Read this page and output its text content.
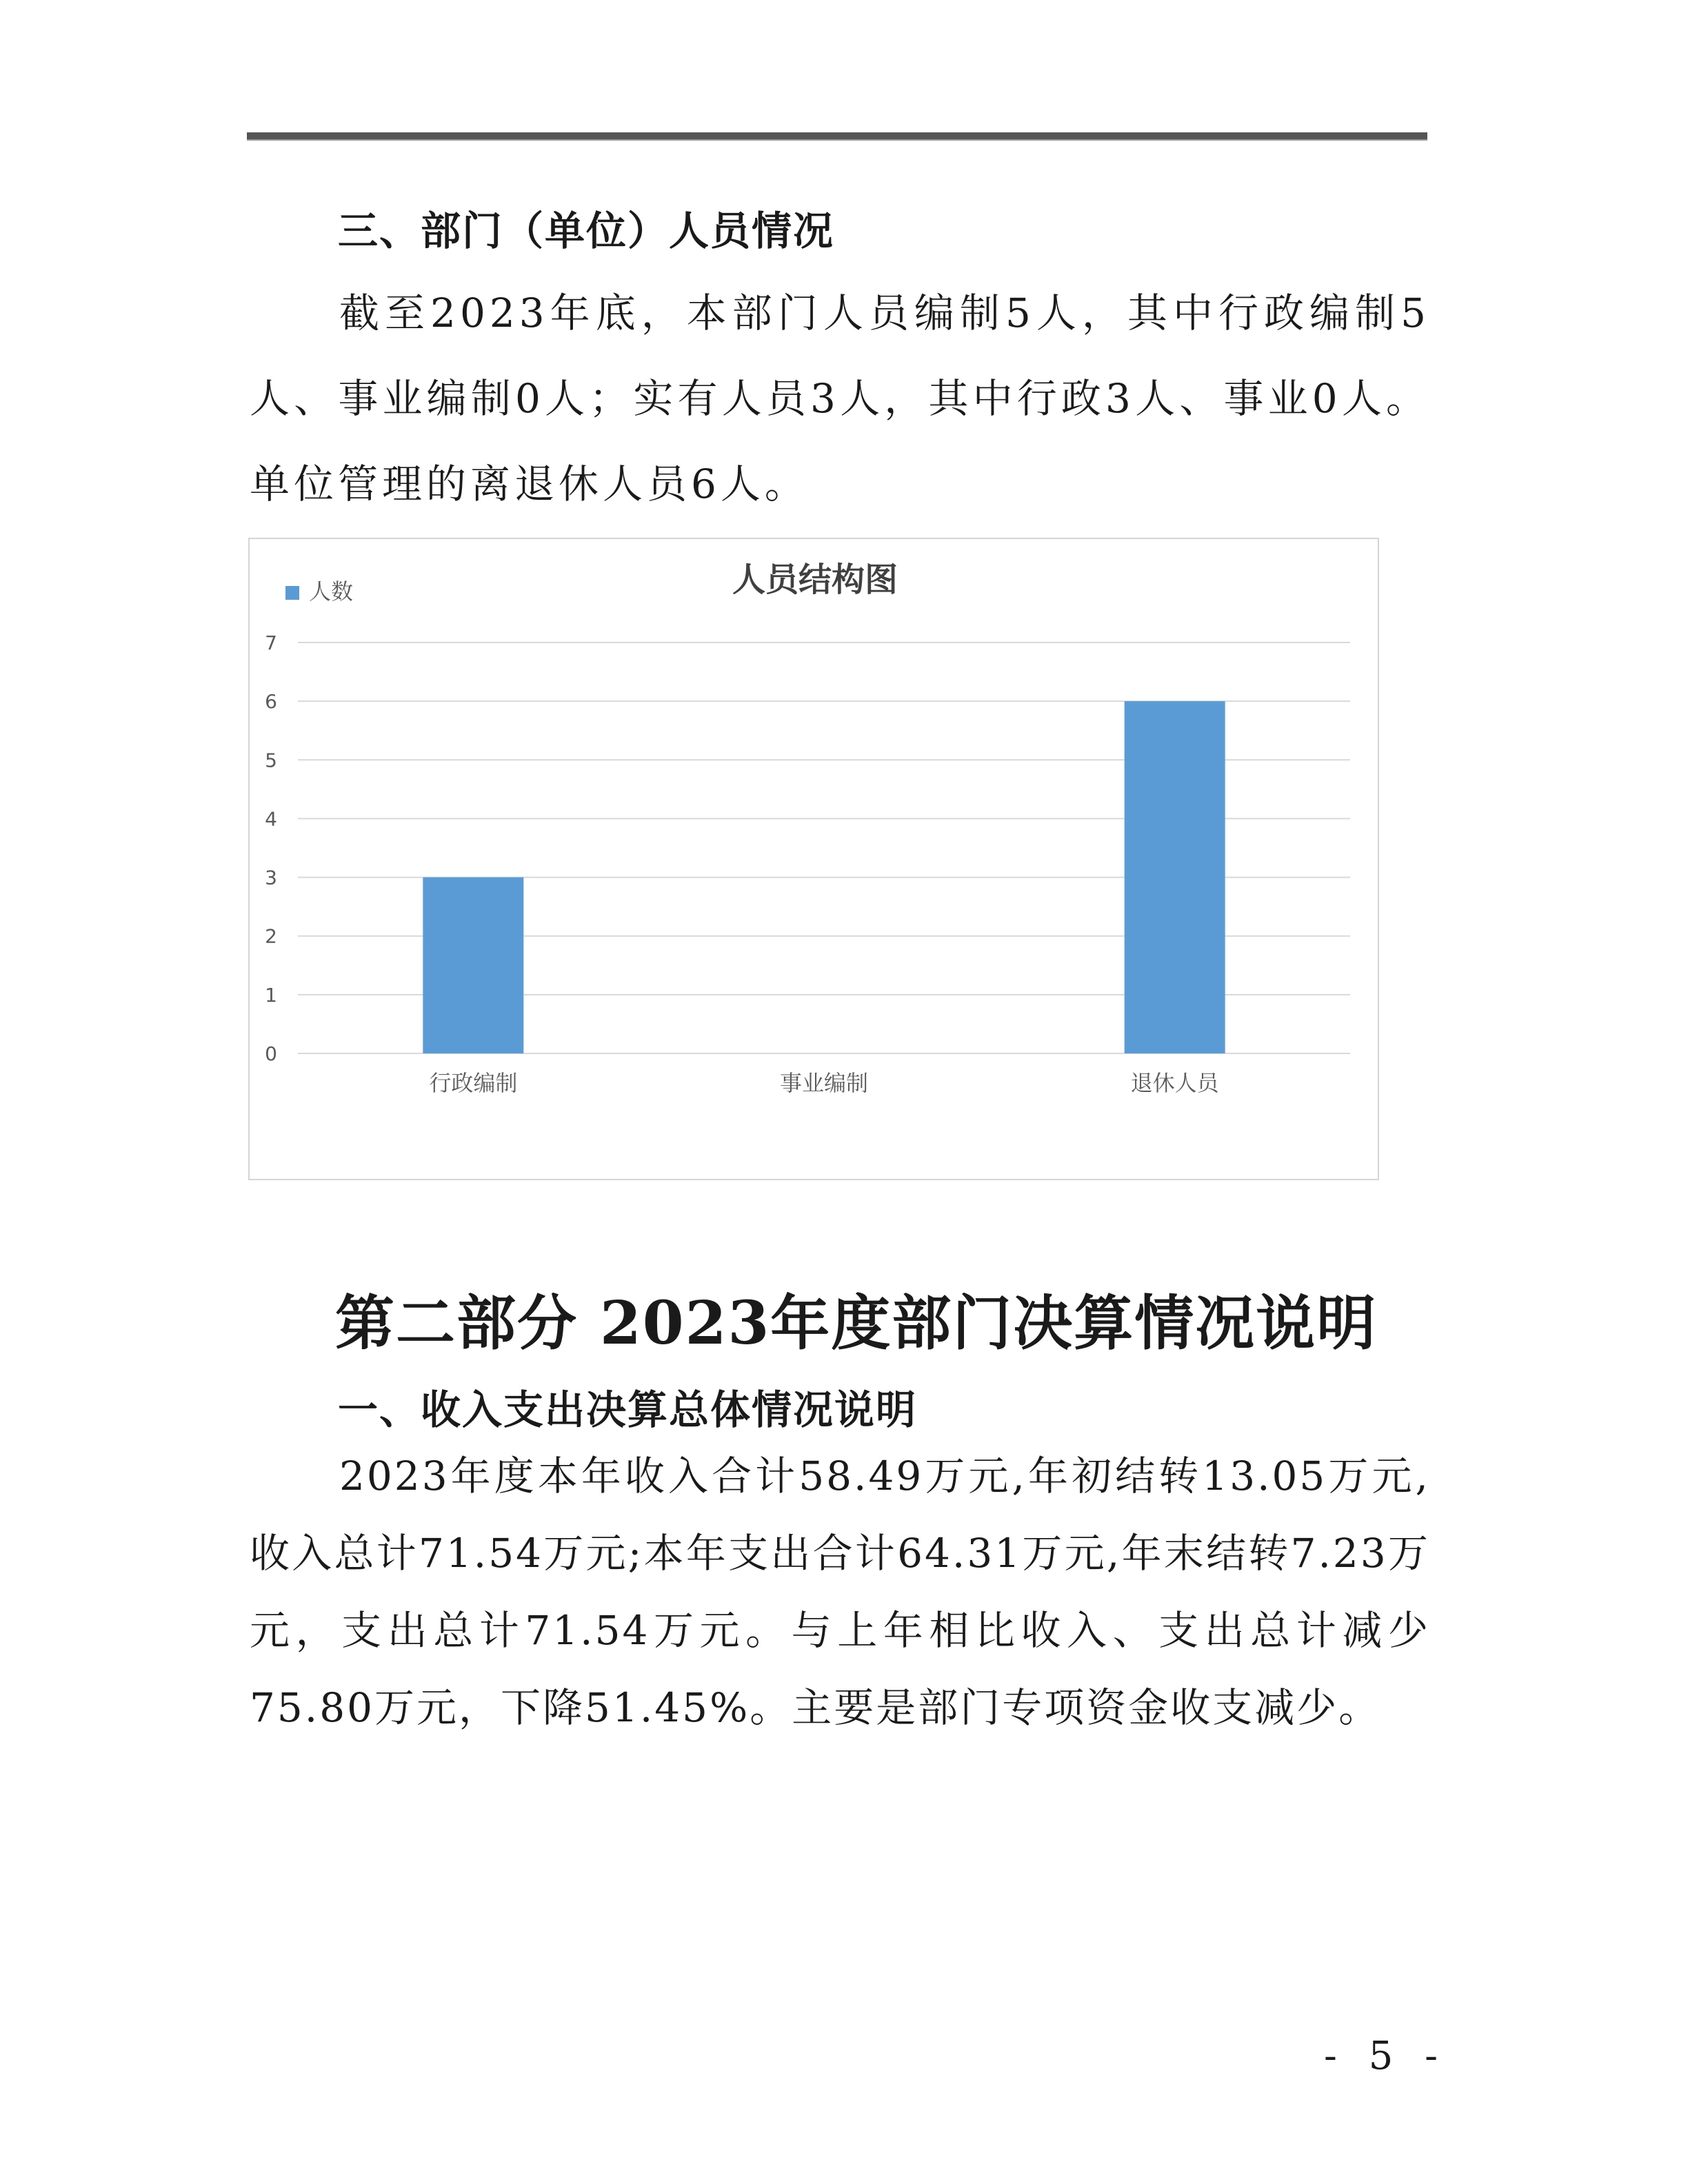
三、部门（单位）人员情况

截至2023年底，本部门人员编制5人，其中行政编制5人、事业编制0人；实有人员3人，其中行政3人、事业0人。单位管理的离退休人员6人。

0
1
2
3
4
5
6
7
行政编制	事业编制	退休人员
人数	人员结构图
第二部分 2023年度部门决算情况说明
一、收入支出决算总体情况说明

2023年度本年收入合计58.49万元,年初结转13.05万元,收入总计71.54万元;本年支出合计64.31万元,年末结转7.23万元，支出总计71.54万元。与上年相比收入、支出总计减少75.80万元，下降51.45%。主要是部门专项资金收支减少。

- 5 -
